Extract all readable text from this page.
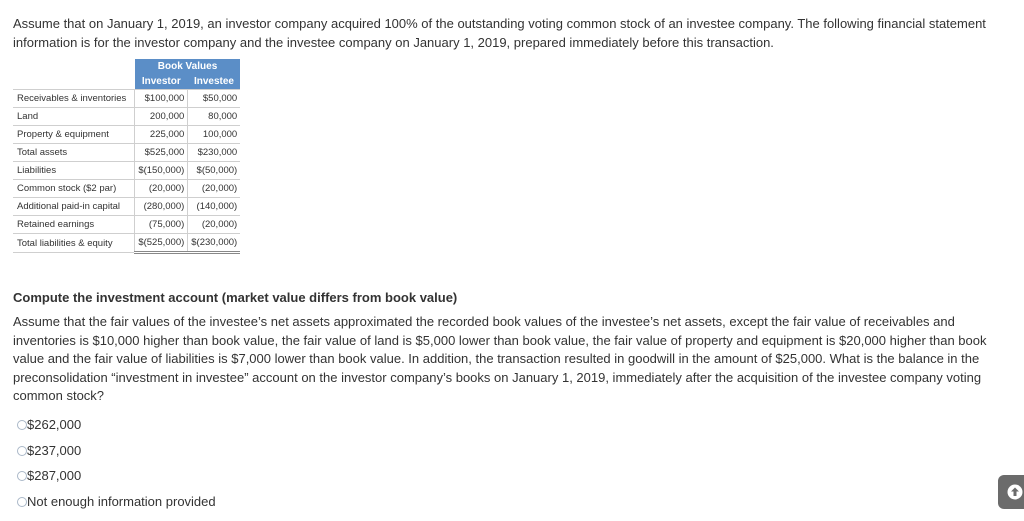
Assume that on January 1, 2019, an investor company acquired 100% of the outstanding voting common stock of an investee company. The following financial statement information is for the investor company and the investee company on January 1, 2019, prepared immediately before this transaction.
	Book Values	
	Investor	Investee
Receivables & inventories	$100,000	$50,000
Land	200,000	80,000
Property & equipment	225,000	100,000
Total assets	$525,000	$230,000
Liabilities	$(150,000)	$(50,000)
Common stock ($2 par)	(20,000)	(20,000)
Additional paid-in capital	(280,000)	(140,000)
Retained earnings	(75,000)	(20,000)
Total liabilities & equity	$(525,000)	$(230,000)
Compute the investment account (market value differs from book value)
Assume that the fair values of the investee’s net assets approximated the recorded book values of the investee’s net assets, except the fair value of receivables and inventories is $10,000 higher than book value, the fair value of land is $5,000 lower than book value, the fair value of property and equipment is $20,000 higher than book value and the fair value of liabilities is $7,000 lower than book value. In addition, the transaction resulted in goodwill in the amount of $25,000. What is the balance in the preconsolidation “investment in investee” account on the investor company’s books on January 1, 2019, immediately after the acquisition of the investee company voting common stock?
$262,000
$237,000
$287,000
Not enough information provided
